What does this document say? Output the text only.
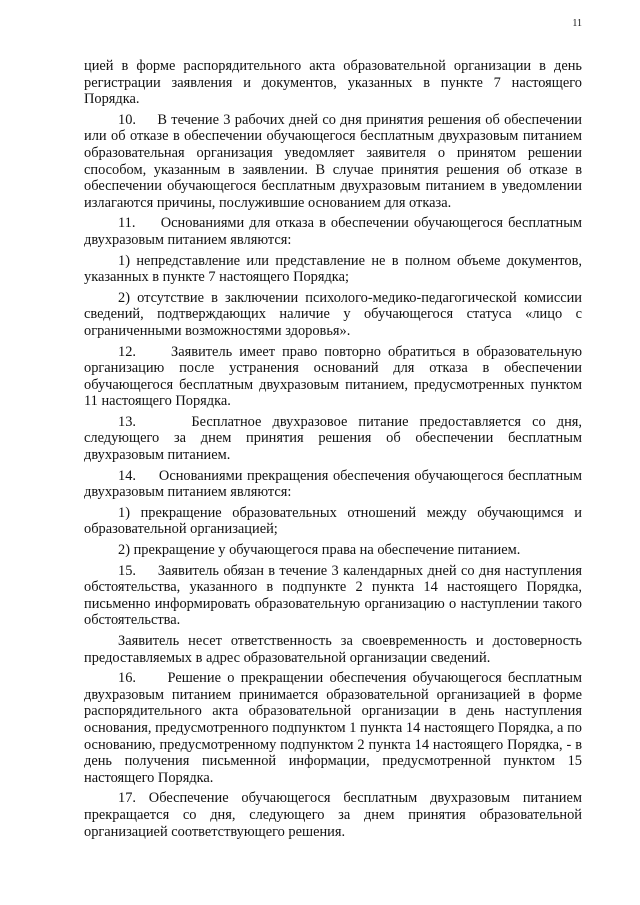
11

цией в форме распорядительного акта образовательной организации в день регистрации заявления и документов, указанных в пункте 7 настоящего Порядка.

10.     В течение 3 рабочих дней со дня принятия решения об обеспечении или об отказе в обеспечении обучающегося бесплатным двухразовым питанием образовательная организация уведомляет заявителя о принятом решении способом, указанным в заявлении. В случае принятия решения об отказе в обеспечении обучающегося бесплатным двухразовым питанием в уведомлении излагаются причины, послужившие основанием для отказа.

11.     Основаниями для отказа в обеспечении обучающегося бесплатным двухразовым питанием являются:

1) непредставление или представление не в полном объеме документов, указанных в пункте 7 настоящего Порядка;

2) отсутствие в заключении психолого-медико-педагогической комиссии сведений, подтверждающих наличие у обучающегося статуса «лицо с ограниченными возможностями здоровья».

12.     Заявитель имеет право повторно обратиться в образовательную организацию после устранения оснований для отказа в обеспечении обучающегося бесплатным двухразовым питанием, предусмотренных пунктом 11 настоящего Порядка.

13.     Бесплатное двухразовое питание предоставляется со дня, следующего за днем принятия решения об обеспечении бесплатным двухразовым питанием.

14.     Основаниями прекращения обеспечения обучающегося бесплатным двухразовым питанием являются:

1) прекращение образовательных отношений между обучающимся и образовательной организацией;

2) прекращение у обучающегося права на обеспечение питанием.

15.     Заявитель обязан в течение 3 календарных дней со дня наступления обстоятельства, указанного в подпункте 2 пункта 14 настоящего Порядка, письменно информировать образовательную организацию о наступлении такого обстоятельства.

Заявитель несет ответственность за своевременность и достоверность предоставляемых в адрес образовательной организации сведений.

16.     Решение о прекращении обеспечения обучающегося бесплатным двухразовым питанием принимается образовательной организацией в форме распорядительного акта образовательной организации в день наступления основания, предусмотренного подпунктом 1 пункта 14 настоящего Порядка, а по основанию, предусмотренному подпунктом 2 пункта 14 настоящего Порядка, - в день получения письменной информации, предусмотренной пунктом 15 настоящего Порядка.

17. Обеспечение обучающегося бесплатным двухразовым питанием прекращается со дня, следующего за днем принятия образовательной организацией соответствующего решения.
